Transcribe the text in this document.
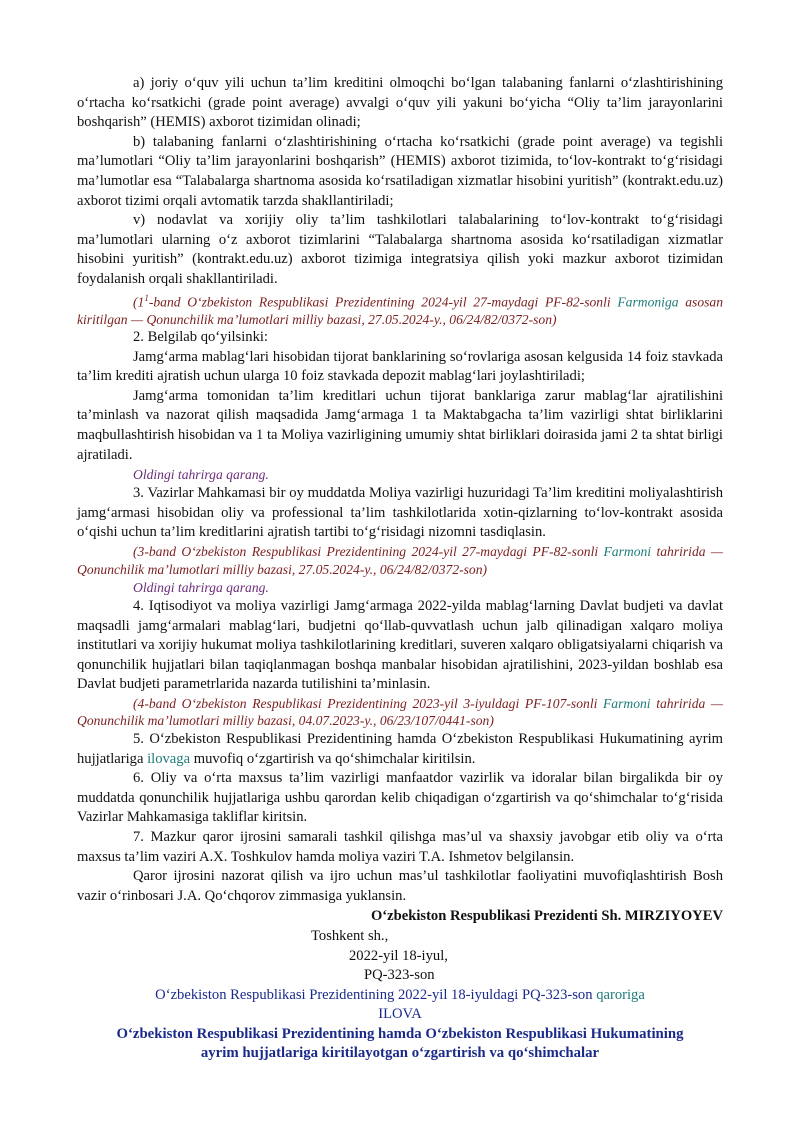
a) joriy o‘quv yili uchun ta’lim kreditini olmoqchi bo‘lgan talabaning fanlarni o‘zlashtirishining o‘rtacha ko‘rsatkichi (grade point average) avvalgi o‘quv yili yakuni bo‘yicha “Oliy ta’lim jarayonlarini boshqarish” (HEMIS) axborot tizimidan olinadi;

b) talabaning fanlarni o‘zlashtirishining o‘rtacha ko‘rsatkichi (grade point average) va tegishli ma’lumotlari “Oliy ta’lim jarayonlarini boshqarish” (HEMIS) axborot tizimida, to‘lov-kontrakt to‘g‘risidagi ma’lumotlar esa “Talabalarga shartnoma asosida ko‘rsatiladigan xizmatlar hisobini yuritish” (kontrakt.edu.uz) axborot tizimi orqali avtomatik tarzda shakllantiriladi;

v) nodavlat va xorijiy oliy ta’lim tashkilotlari talabalarining to‘lov-kontrakt to‘g‘risidagi ma’lumotlari ularning o‘z axborot tizimlarini “Talabalarga shartnoma asosida ko‘rsatiladigan xizmatlar hisobini yuritish” (kontrakt.edu.uz) axborot tizimiga integratsiya qilish yoki mazkur axborot tizimidan foydalanish orqali shakllantiriladi.

($1^1$-band O‘zbekiston Respublikasi Prezidentining 2024-yil 27-maydagi PF-82-sonli Farmoniga asosan kiritilgan — Qonunchilik ma’lumotlari milliy bazasi, 27.05.2024-y., 06/24/82/0372-son)

2. Belgilab qo‘yilsinki:

Jamg‘arma mablag‘lari hisobidan tijorat banklarining so‘rovlariga asosan kelgusida 14 foiz stavkada ta’lim krediti ajratish uchun ularga 10 foiz stavkada depozit mablag‘lari joylashtiriladi;

Jamg‘arma tomonidan ta’lim kreditlari uchun tijorat banklariga zarur mablag‘lar ajratilishini ta’minlash va nazorat qilish maqsadida Jamg‘armaga 1 ta Maktabgacha ta’lim vazirligi shtat birliklarini maqbullashtirish hisobidan va 1 ta Moliya vazirligining umumiy shtat birliklari doirasida jami 2 ta shtat birligi ajratiladi.

Oldingi tahrirga qarang.

3. Vazirlar Mahkamasi bir oy muddatda Moliya vazirligi huzuridagi Ta’lim kreditini moliyalashtirish jamg‘armasi hisobidan oliy va professional ta’lim tashkilotlarida xotin-qizlarning to‘lov-kontrakt asosida o‘qishi uchun ta’lim kreditlarini ajratish tartibi to‘g‘risidagi nizomni tasdiqlasin.

(3-band O‘zbekiston Respublikasi Prezidentining 2024-yil 27-maydagi PF-82-sonli Farmoni tahririda — Qonunchilik ma’lumotlari milliy bazasi, 27.05.2024-y., 06/24/82/0372-son)

Oldingi tahrirga qarang.

4. Iqtisodiyot va moliya vazirligi Jamg‘armaga 2022-yilda mablag‘larning Davlat budjeti va davlat maqsadli jamg‘armalari mablag‘lari, budjetni qo‘llab-quvvatlash uchun jalb qilinadigan xalqaro moliya institutlari va xorijiy hukumat moliya tashkilotlarining kreditlari, suveren xalqaro obligatsiyalarni chiqarish va qonunchilik hujjatlari bilan taqiqlanmagan boshqa manbalar hisobidan ajratilishini, 2023-yildan boshlab esa Davlat budjeti parametrlarida nazarda tutilishini ta’minlasin.

(4-band O‘zbekiston Respublikasi Prezidentining 2023-yil 3-iyuldagi PF-107-sonli Farmoni tahririda — Qonunchilik ma’lumotlari milliy bazasi, 04.07.2023-y., 06/23/107/0441-son)

5. O‘zbekiston Respublikasi Prezidentining hamda O‘zbekiston Respublikasi Hukumatining ayrim hujjatlariga ilovaga muvofiq o‘zgartirish va qo‘shimchalar kiritilsin.

6. Oliy va o‘rta maxsus ta’lim vazirligi manfaatdor vazirlik va idoralar bilan birgalikda bir oy muddatda qonunchilik hujjatlariga ushbu qarordan kelib chiqadigan o‘zgartirish va qo‘shimchalar to‘g‘risida Vazirlar Mahkamasiga takliflar kiritsin.

7. Mazkur qaror ijrosini samarali tashkil qilishga mas’ul va shaxsiy javobgar etib oliy va o‘rta maxsus ta’lim vaziri A.X. Toshkulov hamda moliya vaziri T.A. Ishmetov belgilansin.

Qaror ijrosini nazorat qilish va ijro uchun mas’ul tashkilotlar faoliyatini muvofiqlashtirish Bosh vazir o‘rinbosari J.A. Qo‘chqorov zimmasiga yuklansin.

O‘zbekiston Respublikasi Prezidenti Sh. MIRZIYOYEV

Toshkent sh.,

2022-yil 18-iyul,

PQ-323-son

O‘zbekiston Respublikasi Prezidentining 2022-yil 18-iyuldagi PQ-323-son qaroriga

ILOVA

O‘zbekiston Respublikasi Prezidentining hamda O‘zbekiston Respublikasi Hukumatining

ayrim hujjatlariga kiritilayotgan o‘zgartirish va qo‘shimchalar
